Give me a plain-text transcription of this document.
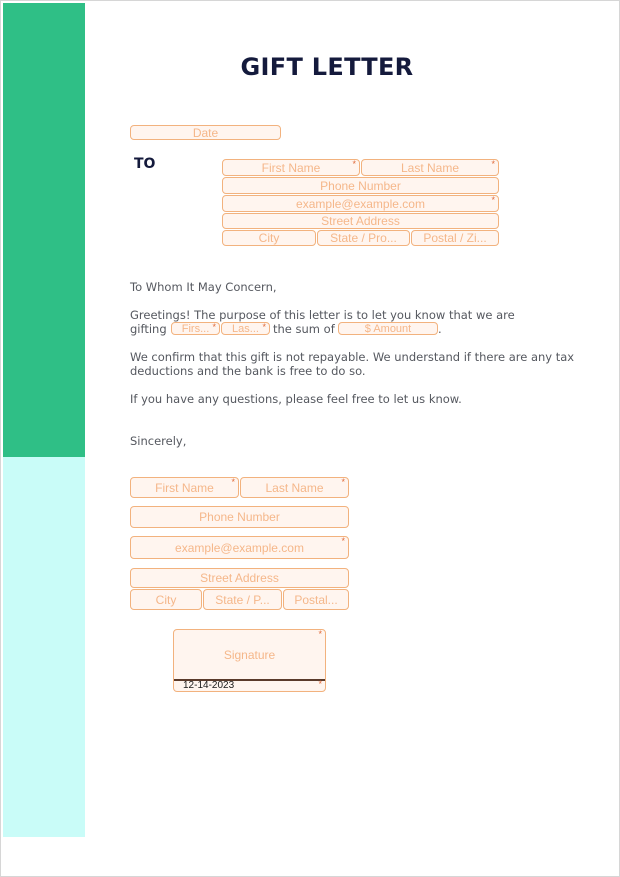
GIFT LETTER
Date
TO	First Name	*	Last Name	*
Phone Number
example@example.com	*
Street Address
City	State / Pro...	Postal / Zi...
To Whom It May Concern,
Greetings! The purpose of this letter is to let you know that we are
gifting	Firs... *	Las... * the sum of	$ Amount	.
We confirm that this gift is not repayable. We understand if there are any tax
deductions and the bank is free to do so.
If you have any questions, please feel free to let us know.
Sincerely,
First Name	*	Last Name	*
Phone Number
example@example.com	*
Street Address
City	State / P...	Postal...
*
Signature
12-14-2023	*
